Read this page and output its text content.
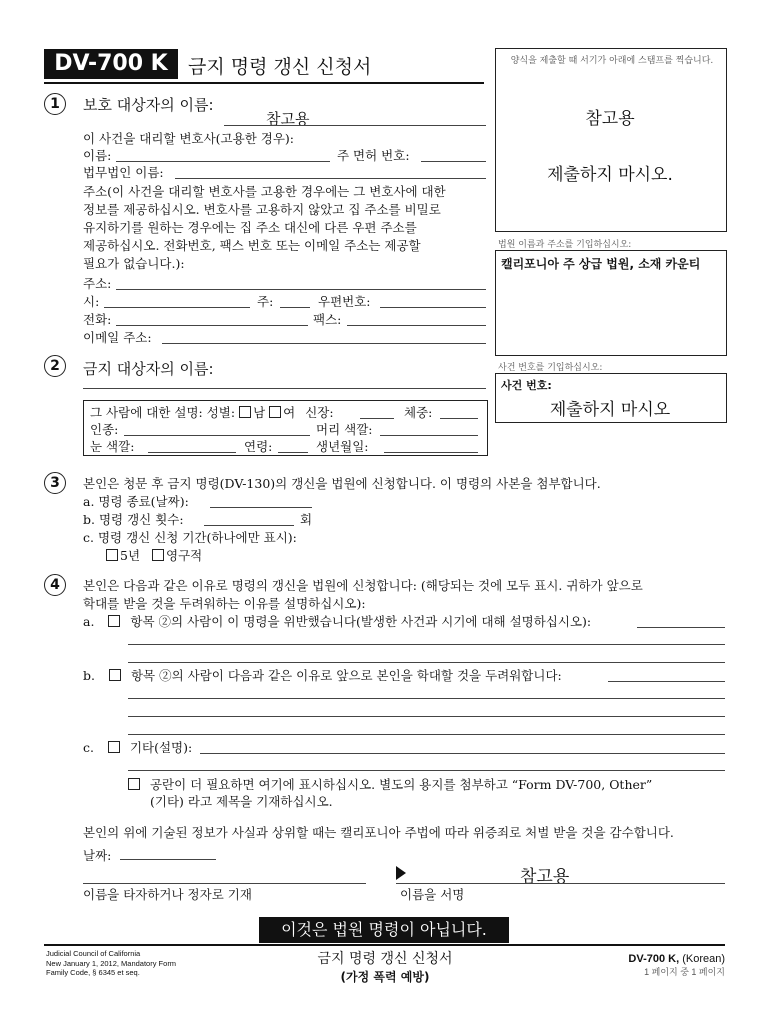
DV-700 K	금지 명령 갱신 신청서	양식을 제출할 때 서기가 아래에 스탬프를 찍습니다.
참고용
제출하지 마시오.
법원 이름과 주소를 기입하십시오:
캘리포니아 주 상급 법원, 소재 카운티
사건 번호를 기입하십시오:
사건 번호:
제출하지 마시오
1	보호 대상자의 이름:
참고용
이 사건을 대리할 변호사(고용한 경우):
이름:	주 면허 번호:
법무법인 이름:
주소(이 사건을 대리할 변호사를 고용한 경우에는 그 변호사에 대한
정보를 제공하십시오. 변호사를 고용하지 않았고 집 주소를 비밀로
유지하기를 원하는 경우에는 집 주소 대신에 다른 우편 주소를
제공하십시오. 전화번호, 팩스 번호 또는 이메일 주소는 제공할
필요가 없습니다.):
주소:
시:	주:	우편번호:
전화:	팩스:
이메일 주소:
2	금지 대상자의 이름:
그 사람에 대한 설명: 성별: 남 여 신장:	체중:
인종:	머리 색깔:
눈 색깔:	연령:	생년월일:
3	본인은 청문 후 금지 명령(DV-130)의 갱신을 법원에 신청합니다. 이 명령의 사본을 첨부합니다.
a. 명령 종료(날짜):
b. 명령 갱신 횟수:	회
c. 명령 갱신 신청 기간(하나에만 표시):
5년 영구적
4	본인은 다음과 같은 이유로 명령의 갱신을 법원에 신청합니다: (해당되는 것에 모두 표시. 귀하가 앞으로
학대를 받을 것을 두려워하는 이유를 설명하십시오):
a.	항목 ②의 사람이 이 명령을 위반했습니다(발생한 사건과 시기에 대해 설명하십시오):
b.	항목 ②의 사람이 다음과 같은 이유로 앞으로 본인을 학대할 것을 두려워합니다:
c.	기타(설명):
공란이 더 필요하면 여기에 표시하십시오. 별도의 용지를 첨부하고 “Form DV-700, Other”
(기타) 라고 제목을 기재하십시오.
본인의 위에 기술된 정보가 사실과 상위할 때는 캘리포니아 주법에 따라 위증죄로 처벌 받을 것을 감수합니다.
날짜:
이름을 타자하거나 정자로 기재
참고용
이름을 서명
이것은 법원 명령이 아닙니다.
Judicial Council of California
New January 1, 2012, Mandatory Form
Family Code, § 6345 et seq.
금지 명령 갱신 신청서
(가정 폭력 예방)
DV-700 K, (Korean)
1 페이지 중 1 페이지
